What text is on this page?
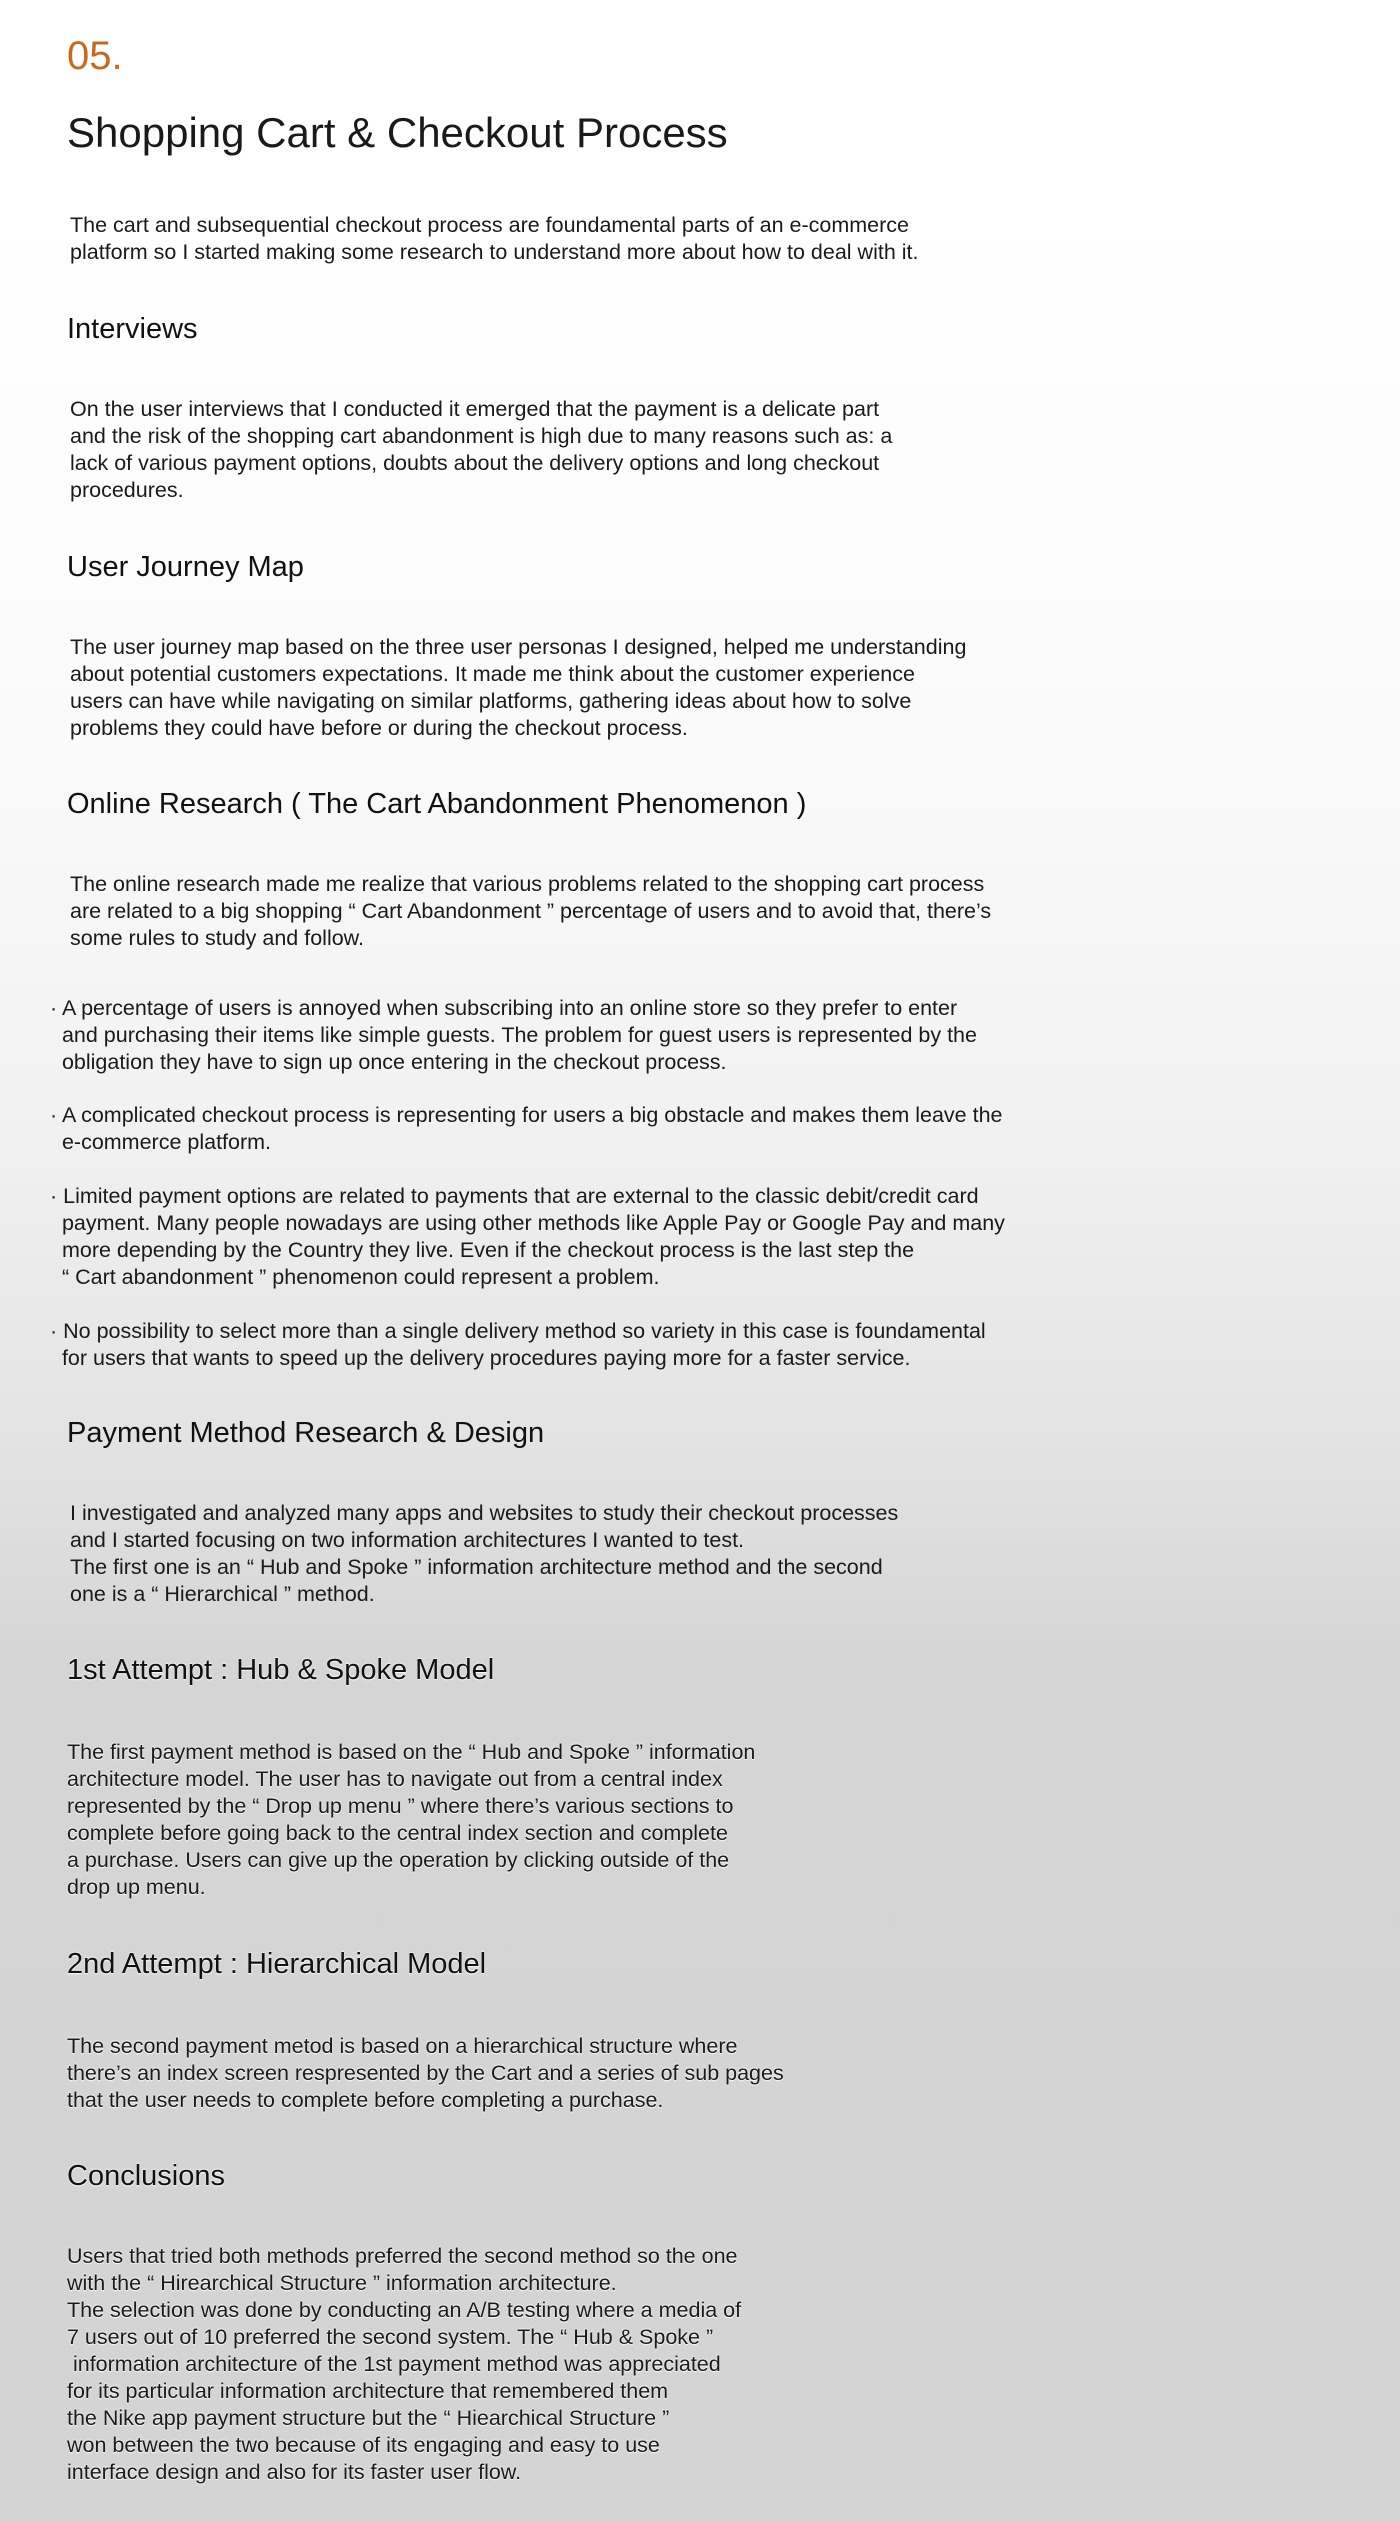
05.
Shopping Cart & Checkout Process

The cart and subsequential checkout process are foundamental parts of an e-commerce
platform so I started making some research to understand more about how to deal with it.

Interviews

On the user interviews that I conducted it emerged that the payment is a delicate part
and the risk of the shopping cart abandonment is high due to many reasons such as: a
lack of various payment options, doubts about the delivery options and long checkout
procedures.

User Journey Map

The user journey map based on the three user personas I designed, helped me understanding
about potential customers expectations. It made me think about the customer experience
users can have while navigating on similar platforms, gathering ideas about how to solve
problems they could have before or during the checkout process.

Online Research ( The Cart Abandonment Phenomenon )

The online research made me realize that various problems related to the shopping cart process
are related to a big shopping “ Cart Abandonment ” percentage of users and to avoid that, there’s
some rules to study and follow.

· A percentage of users is annoyed when subscribing into an online store so they prefer to enter
and purchasing their items like simple guests. The problem for guest users is represented by the
obligation they have to sign up once entering in the checkout process.

· A complicated checkout process is representing for users a big obstacle and makes them leave the
e-commerce platform.

· Limited payment options are related to payments that are external to the classic debit/credit card
payment. Many people nowadays are using other methods like Apple Pay or Google Pay and many
more depending by the Country they live. Even if the checkout process is the last step the
“ Cart abandonment ” phenomenon could represent a problem.

· No possibility to select more than a single delivery method so variety in this case is foundamental
for users that wants to speed up the delivery procedures paying more for a faster service.

Payment Method Research & Design

I investigated and analyzed many apps and websites to study their checkout processes
and I started focusing on two information architectures I wanted to test.
The first one is an “ Hub and Spoke ” information architecture method and the second
one is a “ Hierarchical ” method.

1st Attempt : Hub & Spoke Model

The first payment method is based on the “ Hub and Spoke ” information
architecture model. The user has to navigate out from a central index
represented by the “ Drop up menu ” where there’s various sections to
complete before going back to the central index section and complete
a purchase. Users can give up the operation by clicking outside of the
drop up menu.

2nd Attempt : Hierarchical Model

The second payment metod is based on a hierarchical structure where
there’s an index screen respresented by the Cart and a series of sub pages
that the user needs to complete before completing a purchase.

Conclusions

Users that tried both methods preferred the second method so the one
with the “ Hirearchical Structure ” information architecture.
The selection was done by conducting an A/B testing where a media of
7 users out of 10 preferred the second system. The “ Hub & Spoke ”
information architecture of the 1st payment method was appreciated
for its particular information architecture that remembered them
the Nike app payment structure but the “ Hiearchical Structure ”
won between the two because of its engaging and easy to use
interface design and also for its faster user flow.
